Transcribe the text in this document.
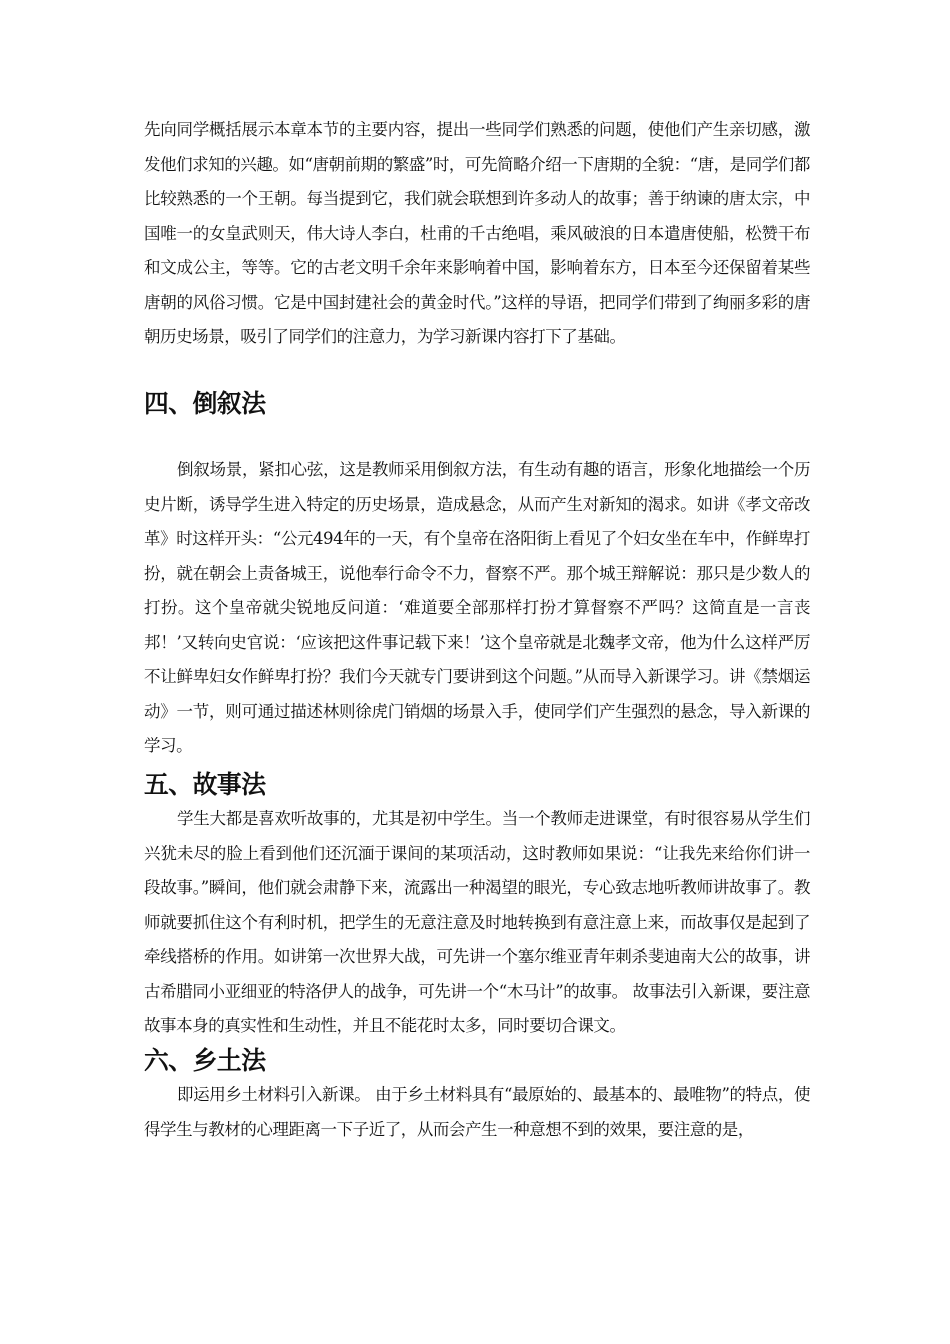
先向同学概括展示本章本节的主要内容，提出一些同学们熟悉的问题，使他们产生亲切感，激发他们求知的兴趣。如“唐朝前期的繁盛”时，可先简略介绍一下唐期的全貌：“唐，是同学们都比较熟悉的一个王朝。每当提到它，我们就会联想到许多动人的故事；善于纳谏的唐太宗，中国唯一的女皇武则天，伟大诗人李白，杜甫的千古绝唱，乘风破浪的日本遣唐使船，松赞干布和文成公主，等等。它的古老文明千余年来影响着中国，影响着东方，日本至今还保留着某些唐朝的风俗习惯。它是中国封建社会的黄金时代。”这样的导语，把同学们带到了绚丽多彩的唐朝历史场景，吸引了同学们的注意力，为学习新课内容打下了基础。

四、倒叙法

倒叙场景，紧扣心弦，这是教师采用倒叙方法，有生动有趣的语言，形象化地描绘一个历史片断，诱导学生进入特定的历史场景，造成悬念，从而产生对新知的渴求。如讲《孝文帝改革》时这样开头：“公元494年的一天，有个皇帝在洛阳街上看见了个妇女坐在车中，作鲜卑打扮，就在朝会上责备城王，说他奉行命令不力，督察不严。那个城王辩解说：那只是少数人的打扮。这个皇帝就尖锐地反问道：‘难道要全部那样打扮才算督察不严吗？这简直是一言丧邦！’又转向史官说：‘应该把这件事记载下来！’这个皇帝就是北魏孝文帝，他为什么这样严厉不让鲜卑妇女作鲜卑打扮？我们今天就专门要讲到这个问题。”从而导入新课学习。讲《禁烟运动》一节，则可通过描述林则徐虎门销烟的场景入手，使同学们产生强烈的悬念，导入新课的学习。

五、故事法

学生大都是喜欢听故事的，尤其是初中学生。当一个教师走进课堂，有时很容易从学生们兴犹未尽的脸上看到他们还沉湎于课间的某项活动，这时教师如果说：“让我先来给你们讲一段故事。”瞬间，他们就会肃静下来，流露出一种渴望的眼光，专心致志地听教师讲故事了。教师就要抓住这个有利时机，把学生的无意注意及时地转换到有意注意上来，而故事仅是起到了牵线搭桥的作用。如讲第一次世界大战，可先讲一个塞尔维亚青年刺杀斐迪南大公的故事，讲古希腊同小亚细亚的特洛伊人的战争，可先讲一个“木马计”的故事。 故事法引入新课，要注意故事本身的真实性和生动性，并且不能花时太多，同时要切合课文。

六、乡土法

即运用乡土材料引入新课。 由于乡土材料具有“最原始的、最基本的、最唯物”的特点，使得学生与教材的心理距离一下子近了，从而会产生一种意想不到的效果，要注意的是，
